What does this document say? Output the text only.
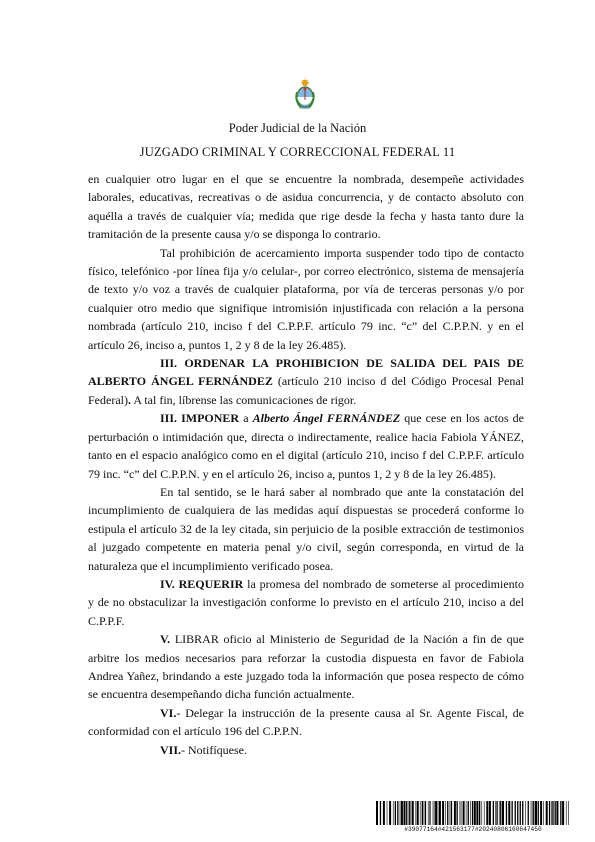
Poder Judicial de la Nación
JUZGADO CRIMINAL Y CORRECCIONAL FEDERAL 11

en cualquier otro lugar en el que se encuentre la nombrada, desempeñe actividades laborales, educativas, recreativas o de asidua concurrencia, y de contacto absoluto con aquélla a través de cualquier vía; medida que rige desde la fecha y hasta tanto dure la tramitación de la presente causa y/o se disponga lo contrario.

Tal prohibición de acercamiento importa suspender todo tipo de contacto físico, telefónico -por línea fija y/o celular-, por correo electrónico, sistema de mensajería de texto y/o voz a través de cualquier plataforma, por vía de terceras personas y/o por cualquier otro medio que signifique intromisión injustificada con relación a la persona nombrada (artículo 210, inciso f del C.P.P.F. artículo 79 inc. “c” del C.P.P.N. y en el artículo 26, inciso a, puntos 1, 2 y 8 de la ley 26.485).

III. ORDENAR LA PROHIBICION DE SALIDA DEL PAIS DE ALBERTO ÁNGEL FERNÁNDEZ (artículo 210 inciso d del Código Procesal Penal Federal). A tal fin, líbrense las comunicaciones de rigor.

III. IMPONER a Alberto Ángel FERNÁNDEZ que cese en los actos de perturbación o intimidación que, directa o indirectamente, realice hacia Fabiola YÁNEZ, tanto en el espacio analógico como en el digital (artículo 210, inciso f del C.P.P.F. artículo 79 inc. “c” del C.P.P.N. y en el artículo 26, inciso a, puntos 1, 2 y 8 de la ley 26.485).

En tal sentido, se le hará saber al nombrado que ante la constatación del incumplimiento de cualquiera de las medidas aquí dispuestas se procederá conforme lo estipula el artículo 32 de la ley citada, sin perjuicio de la posible extracción de testimonios al juzgado competente en materia penal y/o civil, según corresponda, en virtud de la naturaleza que el incumplimiento verificado posea.

IV. REQUERIR la promesa del nombrado de someterse al procedimiento y de no obstaculizar la investigación conforme lo previsto en el artículo 210, inciso a del C.P.P.F.

V. LIBRAR oficio al Ministerio de Seguridad de la Nación a fin de que arbitre los medios necesarios para reforzar la custodia dispuesta en favor de Fabiola Andrea Yañez, brindando a este juzgado toda la información que posea respecto de cómo se encuentra desempeñando dicha función actualmente.

VI.- Delegar la instrucción de la presente causa al Sr. Agente Fiscal, de conformidad con el artículo 196 del C.P.P.N.

VII.- Notifíquese.

#39077164#421563177#20240806160647450
